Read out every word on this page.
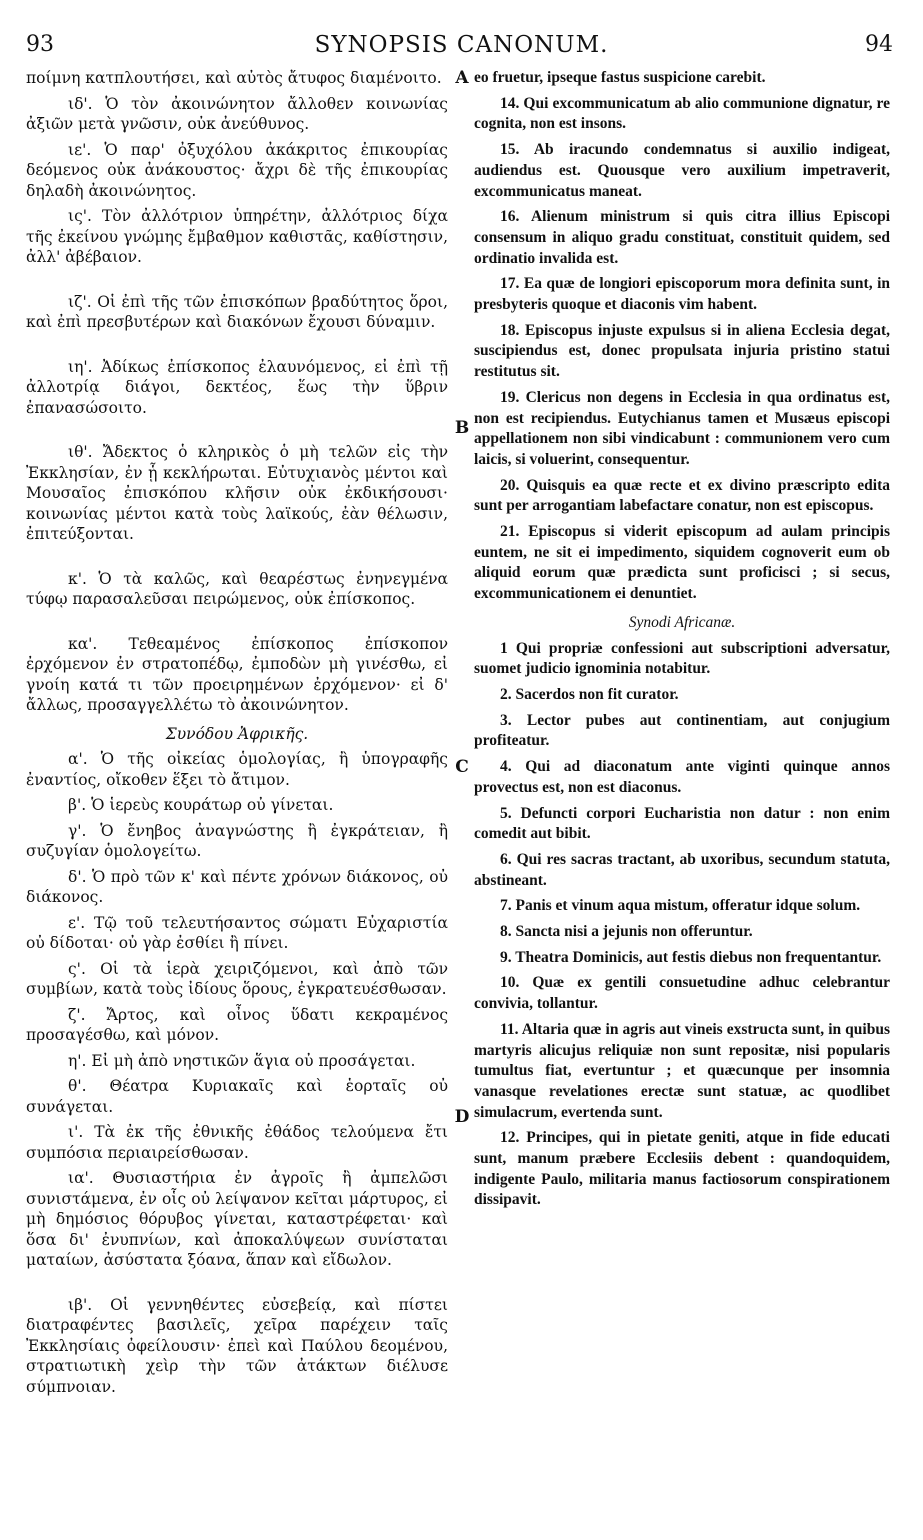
93	SYNOPSIS CANONUM.	94
A
B
C
D

ποίμνη κατπλουτήσει, καὶ αὐτὸς ἄτυφος διαμένοιτο.

ιδ'. Ὁ τὸν ἀκοινώνητον ἄλλοθεν κοινωνίας ἀξιῶν μετὰ γνῶσιν, οὐκ ἀνεύθυνος.

ιε'. Ὁ παρ' ὀξυχόλου ἀκάκριτος ἐπικουρίας δεόμενος οὐκ ἀνάκουστος· ἄχρι δὲ τῆς ἐπικουρίας δηλαδὴ ἀκοινώνητος.

ις'. Τὸν ἀλλότριον ὑπηρέτην, ἀλλότριος δίχα τῆς ἐκείνου γνώμης ἔμβαθμον καθιστᾶς, καθίστησιν, ἀλλ' ἀβέβαιον.

ιζ'. Οἱ ἐπὶ τῆς τῶν ἐπισκόπων βραδύτητος ὅροι, καὶ ἐπὶ πρεσβυτέρων καὶ διακόνων ἔχουσι δύναμιν.

ιη'. Ἀδίκως ἐπίσκοπος ἐλαυνόμενος, εἰ ἐπὶ τῇ ἀλλοτρίᾳ διάγοι, δεκτέος, ἕως τὴν ὕβριν ἐπανασώσοιτο.

ιθ'. Ἄδεκτος ὁ κληρικὸς ὁ μὴ τελῶν εἰς τὴν Ἐκκλησίαν, ἐν ᾗ κεκλήρωται. Εὐτυχιανὸς μέντοι καὶ Μουσαῖος ἐπισκόπου κλῆσιν οὐκ ἐκδικήσουσι· κοινωνίας μέντοι κατὰ τοὺς λαϊκούς, ἐὰν θέλωσιν, ἐπιτεύξονται.

κ'. Ὁ τὰ καλῶς, καὶ θεαρέστως ἐνηνεγμένα τύφῳ παρασαλεῦσαι πειρώμενος, οὐκ ἐπίσκοπος.

κα'. Τεθεαμένος ἐπίσκοπος ἐπίσκοπον ἐρχόμενον ἐν στρατοπέδῳ, ἐμποδὼν μὴ γινέσθω, εἰ γνοίη κατά τι τῶν προειρημένων ἐρχόμενον· εἰ δ' ἄλλως, προσαγγελλέτω τὸ ἀκοινώνητον.

Συνόδου Ἀφρικῆς.

α'. Ὁ τῆς οἰκείας ὁμολογίας, ἢ ὑπογραφῆς ἐναντίος, οἴκοθεν ἕξει τὸ ἄτιμον.

β'. Ὁ ἱερεὺς κουράτωρ οὐ γίνεται.

γ'. Ὁ ἔνηβος ἀναγνώστης ἢ ἐγκράτειαν, ἢ συζυγίαν ὁμολογείτω.

δ'. Ὁ πρὸ τῶν κ' καὶ πέντε χρόνων διάκονος, οὐ διάκονος.

ε'. Τῷ τοῦ τελευτήσαντος σώματι Εὐχαριστία οὐ δίδοται· οὐ γὰρ ἐσθίει ἢ πίνει.

ς'. Οἱ τὰ ἱερὰ χειριζόμενοι, καὶ ἀπὸ τῶν συμβίων, κατὰ τοὺς ἰδίους ὅρους, ἐγκρατευέσθωσαν.

ζ'. Ἄρτος, καὶ οἶνος ὕδατι κεκραμένος προσαγέσθω, καὶ μόνον.

η'. Εἰ μὴ ἀπὸ νηστικῶν ἅγια οὐ προσάγεται.

θ'. Θέατρα Κυριακαῖς καὶ ἑορταῖς οὐ συνάγεται.

ι'. Τὰ ἐκ τῆς ἐθνικῆς ἐθάδος τελούμενα ἔτι συμπόσια περιαιρείσθωσαν.

ια'. Θυσιαστήρια ἐν ἀγροῖς ἢ ἀμπελῶσι συνιστάμενα, ἐν οἷς οὐ λείψανον κεῖται μάρτυρος, εἰ μὴ δημόσιος θόρυβος γίνεται, καταστρέφεται· καὶ ὅσα δι' ἐνυπνίων, καὶ ἀποκαλύψεων συνίσταται ματαίων, ἀσύστατα ξόανα, ἅπαν καὶ εἴδωλον.

ιβ'. Οἱ γεννηθέντες εὐσεβείᾳ, καὶ πίστει διατραφέντες βασιλεῖς, χεῖρα παρέχειν ταῖς Ἐκκλησίαις ὀφείλουσιν· ἐπεὶ καὶ Παύλου δεομένου, στρατιωτικὴ χεὶρ τὴν τῶν ἀτάκτων διέλυσε σύμπνοιαν.

eo fruetur, ipseque fastus suspicione carebit.

14. Qui excommunicatum ab alio communione dignatur, re cognita, non est insons.

15. Ab iracundo condemnatus si auxilio indigeat, audiendus est. Quousque vero auxilium impetraverit, excommunicatus maneat.

16. Alienum ministrum si quis citra illius Episcopi consensum in aliquo gradu constituat, constituit quidem, sed ordinatio invalida est.

17. Ea quæ de longiori episcoporum mora definita sunt, in presbyteris quoque et diaconis vim habent.

18. Episcopus injuste expulsus si in aliena Ecclesia degat, suscipiendus est, donec propulsata injuria pristino statui restitutus sit.

19. Clericus non degens in Ecclesia in qua ordinatus est, non est recipiendus. Eutychianus tamen et Musæus episcopi appellationem non sibi vindicabunt : communionem vero cum laicis, si voluerint, consequentur.

20. Quisquis ea quæ recte et ex divino præscripto edita sunt per arrogantiam labefactare conatur, non est episcopus.

21. Episcopus si viderit episcopum ad aulam principis euntem, ne sit ei impedimento, siquidem cognoverit eum ob aliquid eorum quæ prædicta sunt proficisci ; si secus, excommunicationem ei denuntiet.

Synodi Africanæ.

1 Qui propriæ confessioni aut subscriptioni adversatur, suomet judicio ignominia notabitur.

2. Sacerdos non fit curator.

3. Lector pubes aut continentiam, aut conjugium profiteatur.

4. Qui ad diaconatum ante viginti quinque annos provectus est, non est diaconus.

5. Defuncti corpori Eucharistia non datur : non enim comedit aut bibit.

6. Qui res sacras tractant, ab uxoribus, secundum statuta, abstineant.

7. Panis et vinum aqua mistum, offeratur idque solum.

8. Sancta nisi a jejunis non offeruntur.

9. Theatra Dominicis, aut festis diebus non frequentantur.

10. Quæ ex gentili consuetudine adhuc celebrantur convivia, tollantur.

11. Altaria quæ in agris aut vineis exstructa sunt, in quibus martyris alicujus reliquiæ non sunt repositæ, nisi popularis tumultus fiat, evertuntur ; et quæcunque per insomnia vanasque revelationes erectæ sunt statuæ, ac quodlibet simulacrum, evertenda sunt.

12. Principes, qui in pietate geniti, atque in fide educati sunt, manum præbere Ecclesiis debent : quandoquidem, indigente Paulo, militaria manus factiosorum conspirationem dissipavit.
